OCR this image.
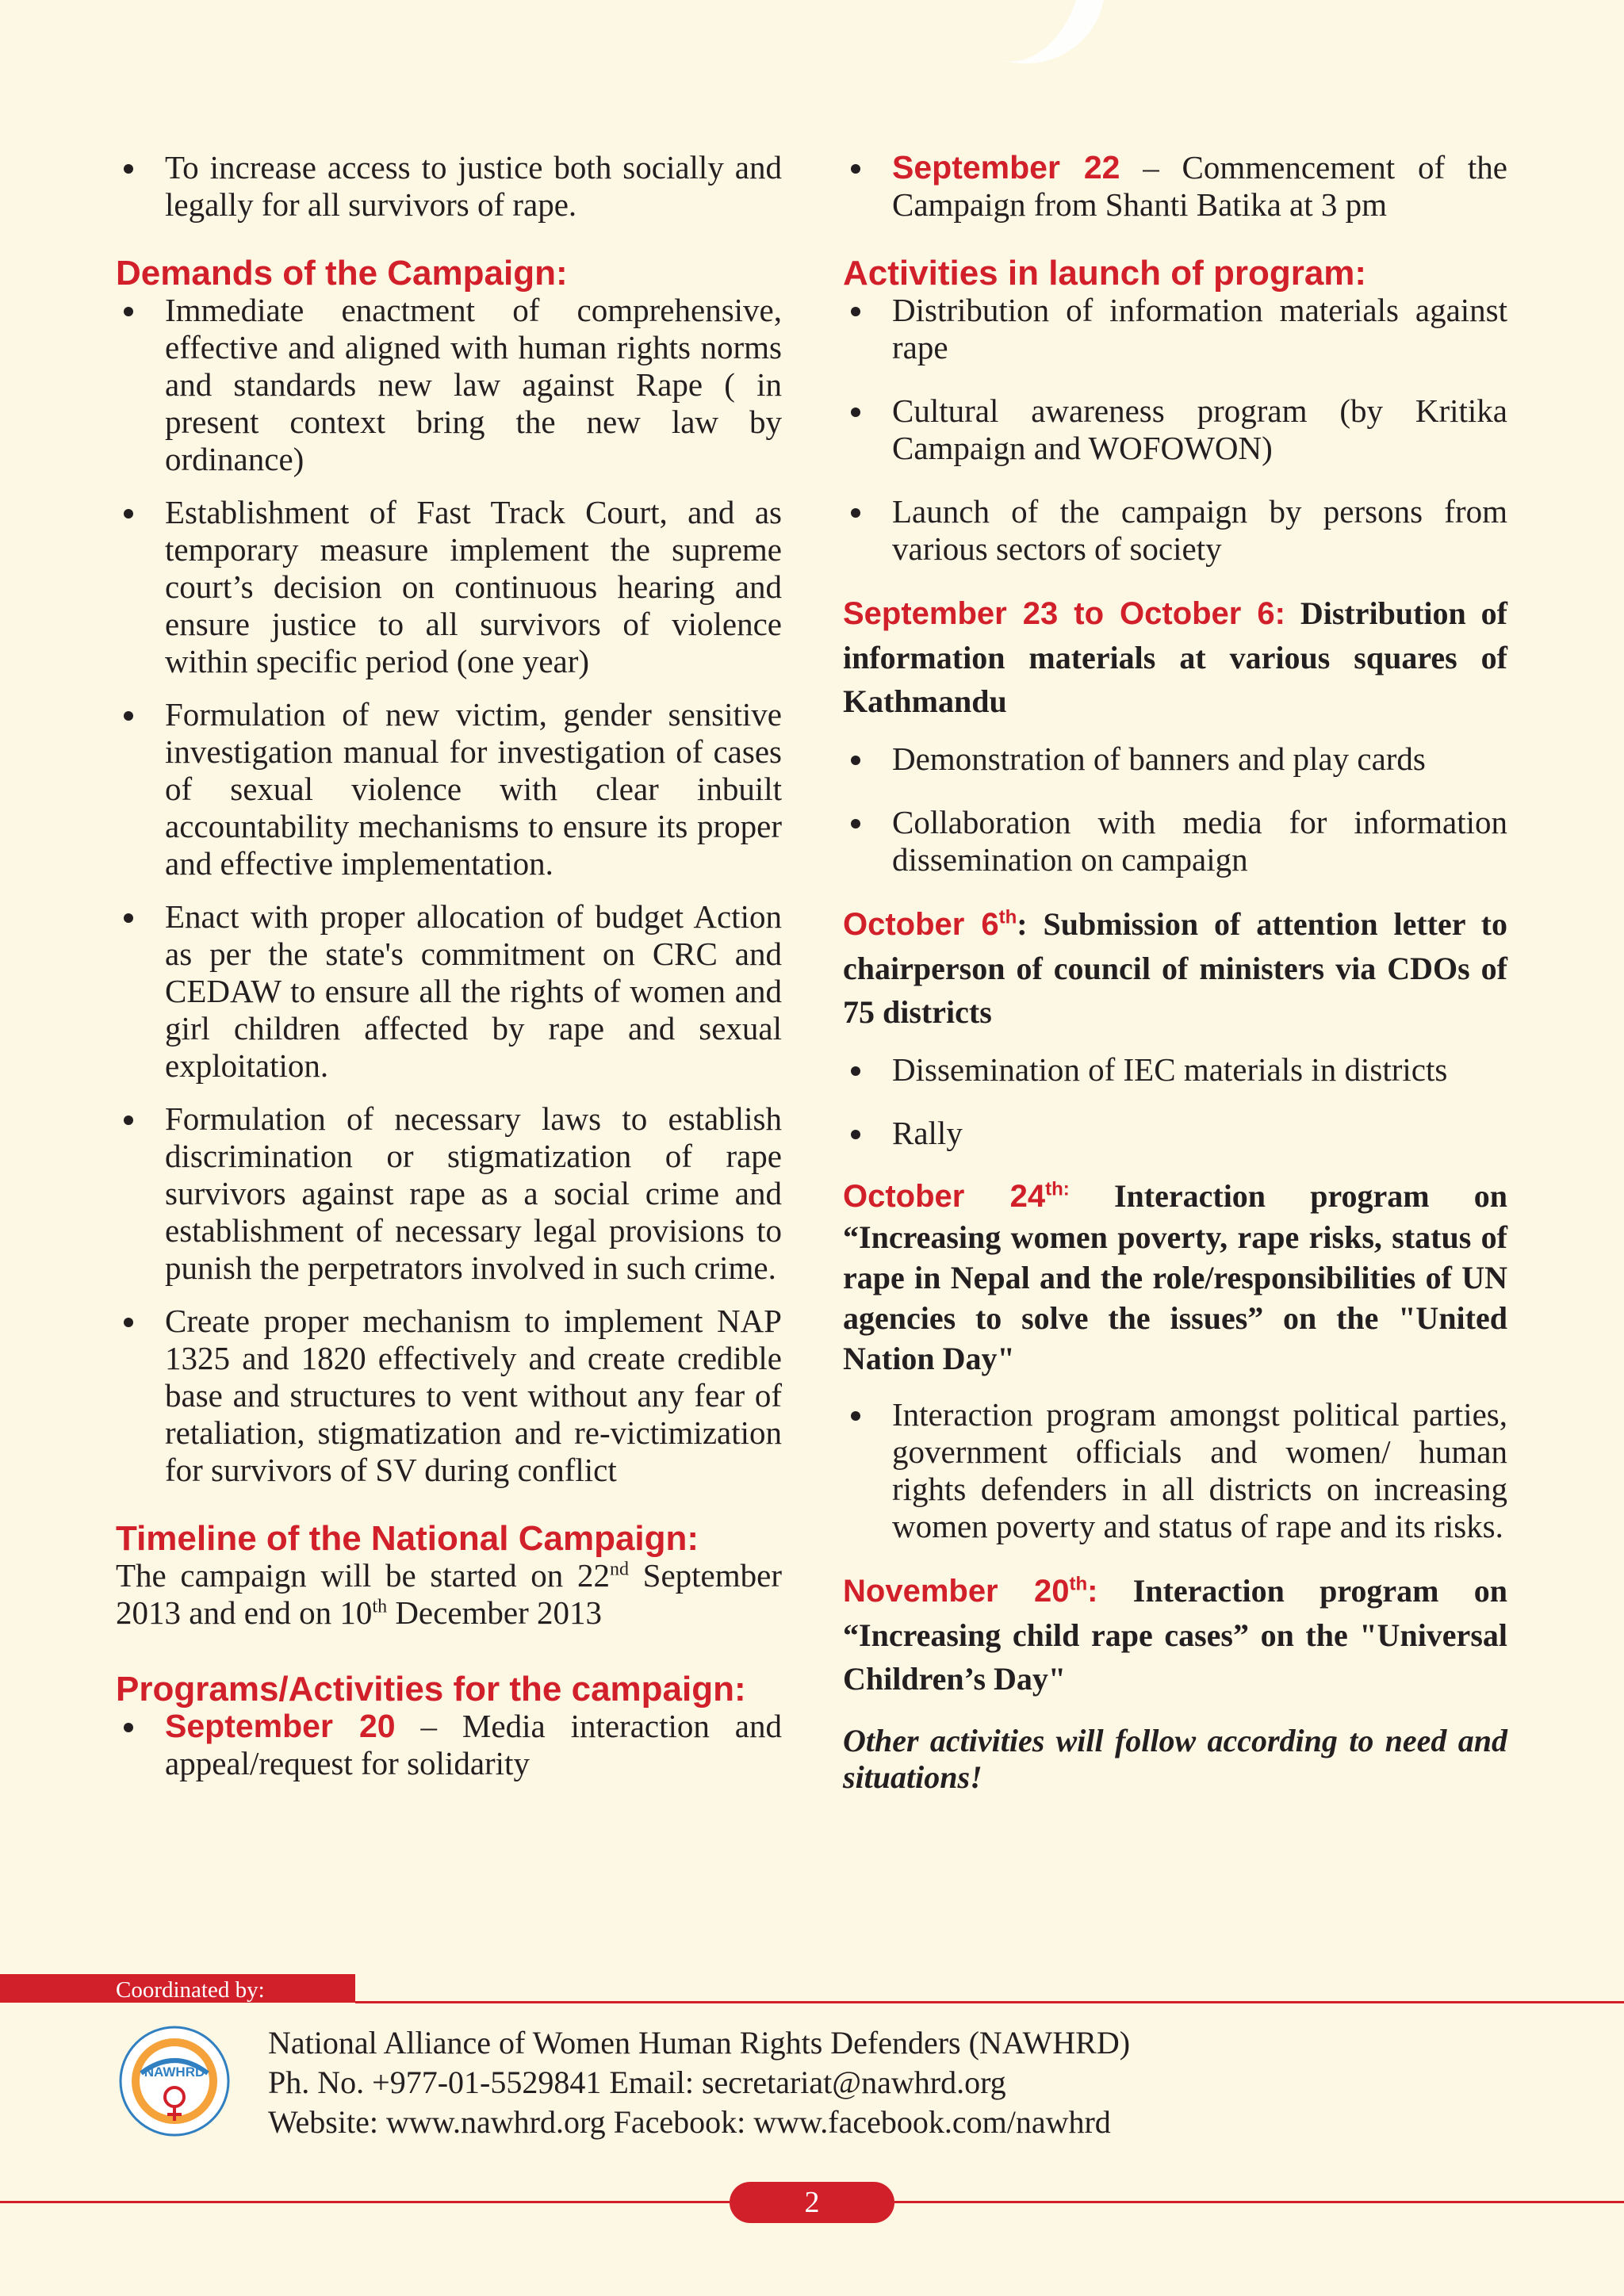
To increase access to justice both socially and legally for all survivors of rape.
Demands of the Campaign:
Immediate enactment of comprehensive, effective and aligned with human rights norms and standards new law against Rape ( in present context bring the new law by ordinance)
Establishment of Fast Track Court, and as temporary measure implement the supreme court’s decision on continuous hearing and ensure justice to all survivors of violence within specific period (one year)
Formulation of new victim, gender sensitive investigation manual for investigation of cases of sexual violence with clear inbuilt accountability mechanisms to ensure its proper and effective implementation.
Enact with proper allocation of budget Action as per the state's commitment on CRC and CEDAW to ensure all the rights of women and girl children affected by rape and sexual exploitation.
Formulation of necessary laws to establish discrimination or stigmatization of rape survivors against rape as a social crime and establishment of necessary legal provisions to punish the perpetrators involved in such crime.
Create proper mechanism to implement NAP 1325 and 1820 effectively and create credible base and structures to vent without any fear of retaliation, stigmatization and re-victimization for survivors of SV during conflict
Timeline of the National Campaign:

The campaign will be started on 22nd September 2013 and end on 10th December 2013

Programs/Activities for the campaign:
September 20 – Media interaction and appeal/request for solidarity
September 22 – Commencement of the Campaign from Shanti Batika at 3 pm
Activities in launch of program:
Distribution of information materials against rape
Cultural awareness program (by Kritika Campaign and WOFOWON)
Launch of the campaign by persons from various sectors of society

September 23 to October 6: Distribution of information materials at various squares of Kathmandu

Demonstration of banners and play cards
Collaboration with media for information dissemination on campaign

October 6th: Submission of attention letter to chairperson of council of ministers via CDOs of 75 districts

Dissemination of IEC materials in districts
Rally

October $24^{th:}$ Interaction program on “Increasing women poverty, rape risks, status of rape in Nepal and the role/responsibilities of UN agencies to solve the issues” on the "United Nation Day"

Interaction program amongst political parties, government officials and women/ human rights defenders in all districts on increasing women poverty and status of rape and its risks.

November 20th: Interaction program on “Increasing child rape cases” on the "Universal Children’s Day"

Other activities will follow according to need and situations!

Coordinated by:
NAWHRD
National Alliance of Women Human Rights Defenders (NAWHRD)
Ph. No. +977-01-5529841 Email: secretariat@nawhrd.org
Website: www.nawhrd.org Facebook: www.facebook.com/nawhrd
2
